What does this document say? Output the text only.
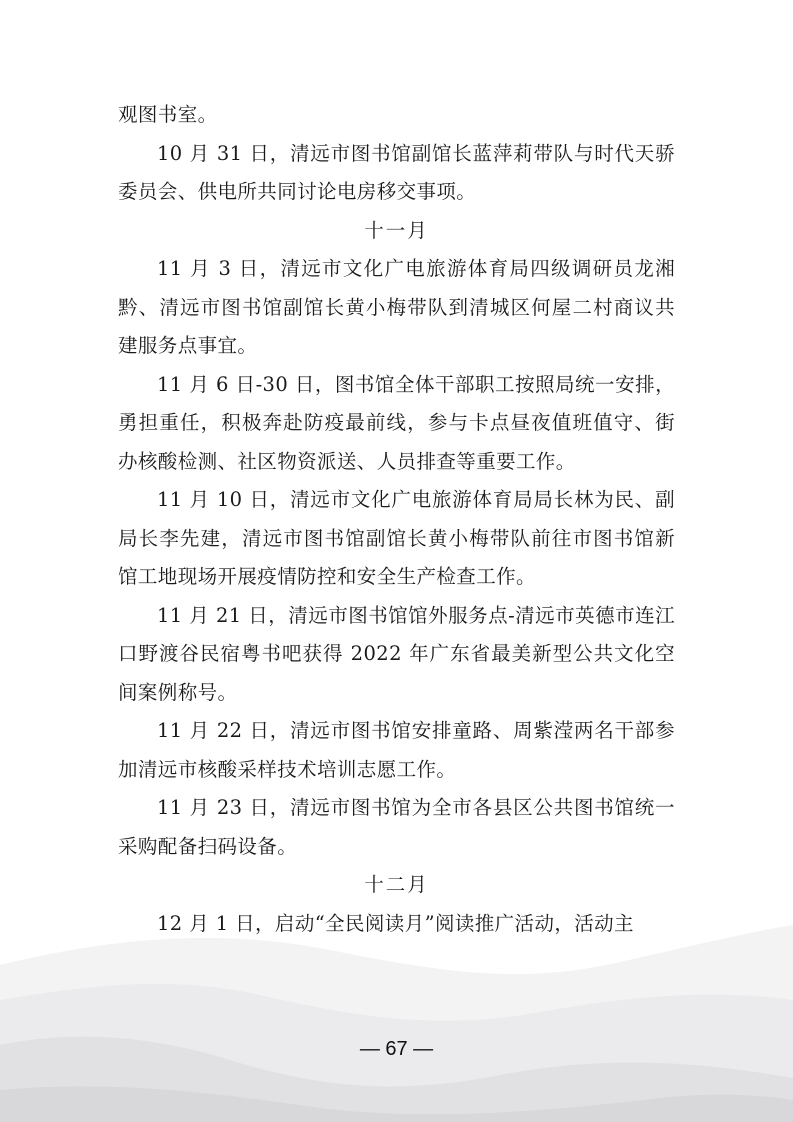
观图书室。

10 月 31 日，清远市图书馆副馆长蓝萍莉带队与时代天骄委员会、供电所共同讨论电房移交事项。

十一月

11 月 3 日，清远市文化广电旅游体育局四级调研员龙湘黔、清远市图书馆副馆长黄小梅带队到清城区何屋二村商议共建服务点事宜。

11 月 6 日-30 日，图书馆全体干部职工按照局统一安排，勇担重任，积极奔赴防疫最前线，参与卡点昼夜值班值守、街办核酸检测、社区物资派送、人员排查等重要工作。

11 月 10 日，清远市文化广电旅游体育局局长林为民、副局长李先建，清远市图书馆副馆长黄小梅带队前往市图书馆新馆工地现场开展疫情防控和安全生产检查工作。

11 月 21 日，清远市图书馆馆外服务点-清远市英德市连江口野渡谷民宿粤书吧获得 2022 年广东省最美新型公共文化空间案例称号。

11 月 22 日，清远市图书馆安排童路、周紫滢两名干部参加清远市核酸采样技术培训志愿工作。

11 月 23 日，清远市图书馆为全市各县区公共图书馆统一采购配备扫码设备。

十二月

12 月 1 日，启动“全民阅读月”阅读推广活动，活动主

— 67 —
